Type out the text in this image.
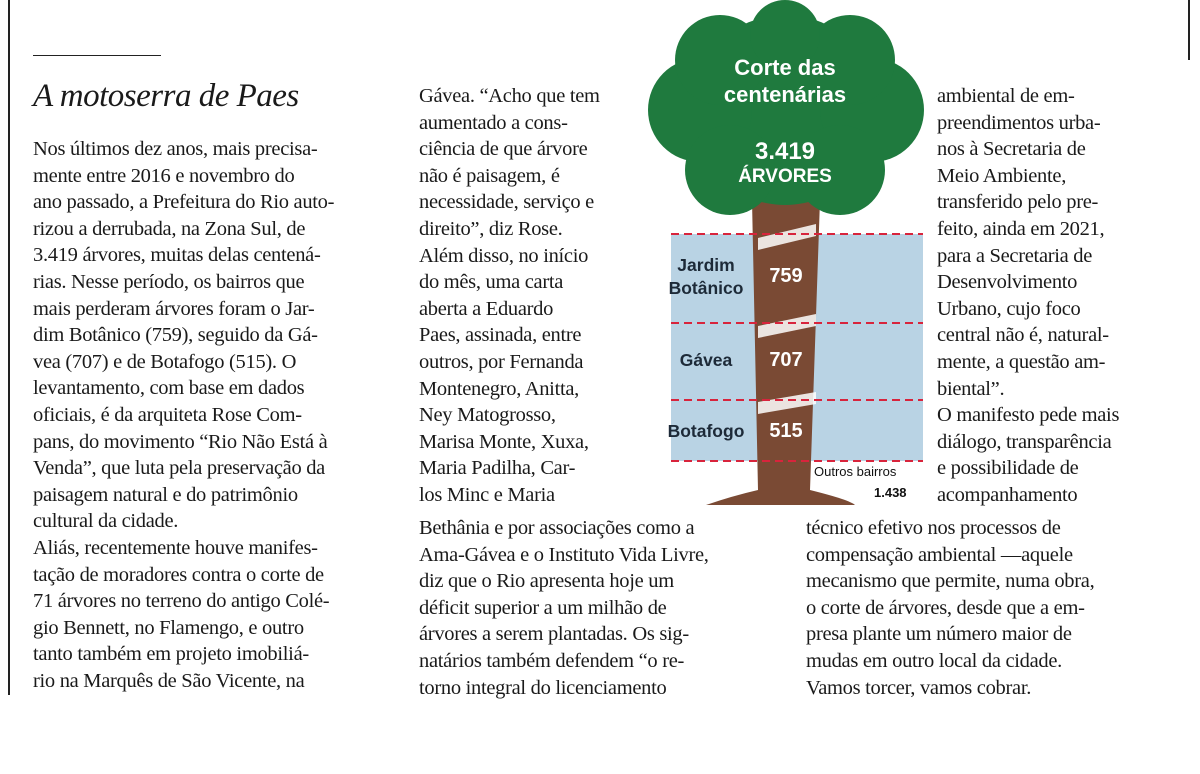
A motoserra de Paes
Nos últimos dez anos, mais precisa-
mente entre 2016 e novembro do
ano passado, a Prefeitura do Rio auto-
rizou a derrubada, na Zona Sul, de
3.419 árvores, muitas delas centená-
rias. Nesse período, os bairros que
mais perderam árvores foram o Jar-
dim Botânico (759), seguido da Gá-
vea (707) e de Botafogo (515). O
levantamento, com base em dados
oficiais, é da arquiteta Rose Com-
pans, do movimento “Rio Não Está à
Venda”, que luta pela preservação da
paisagem natural e do patrimônio
cultural da cidade.
Aliás, recentemente houve manifes-
tação de moradores contra o corte de
71 árvores no terreno do antigo Colé-
gio Bennett, no Flamengo, e outro
tanto também em projeto imobiliá-
rio na Marquês de São Vicente, na
Gávea. “Acho que tem
aumentado a cons-
ciência de que árvore
não é paisagem, é
necessidade, serviço e
direito”, diz Rose.
Além disso, no início
do mês, uma carta
aberta a Eduardo
Paes, assinada, entre
outros, por Fernanda
Montenegro, Anitta,
Ney Matogrosso,
Marisa Monte, Xuxa,
Maria Padilha, Car-
los Minc e Maria
Bethânia e por associações como a
Ama-Gávea e o Instituto Vida Livre,
diz que o Rio apresenta hoje um
déficit superior a um milhão de
árvores a serem plantadas. Os sig-
natários também defendem “o re-
torno integral do licenciamento
ambiental de em-
preendimentos urba-
nos à Secretaria de
Meio Ambiente,
transferido pelo pre-
feito, ainda em 2021,
para a Secretaria de
Desenvolvimento
Urbano, cujo foco
central não é, natural-
mente, a questão am-
biental”.
O manifesto pede mais
diálogo, transparência
e possibilidade de
acompanhamento
técnico efetivo nos processos de
compensação ambiental —aquele
mecanismo que permite, numa obra,
o corte de árvores, desde que a em-
presa plante um número maior de
mudas em outro local da cidade.
Vamos torcer, vamos cobrar.
Corte das
centenárias
3.419
ÁRVORES
Jardim
Botânico
759
Gávea	707
Botafogo	515
Outros bairros
1.438
